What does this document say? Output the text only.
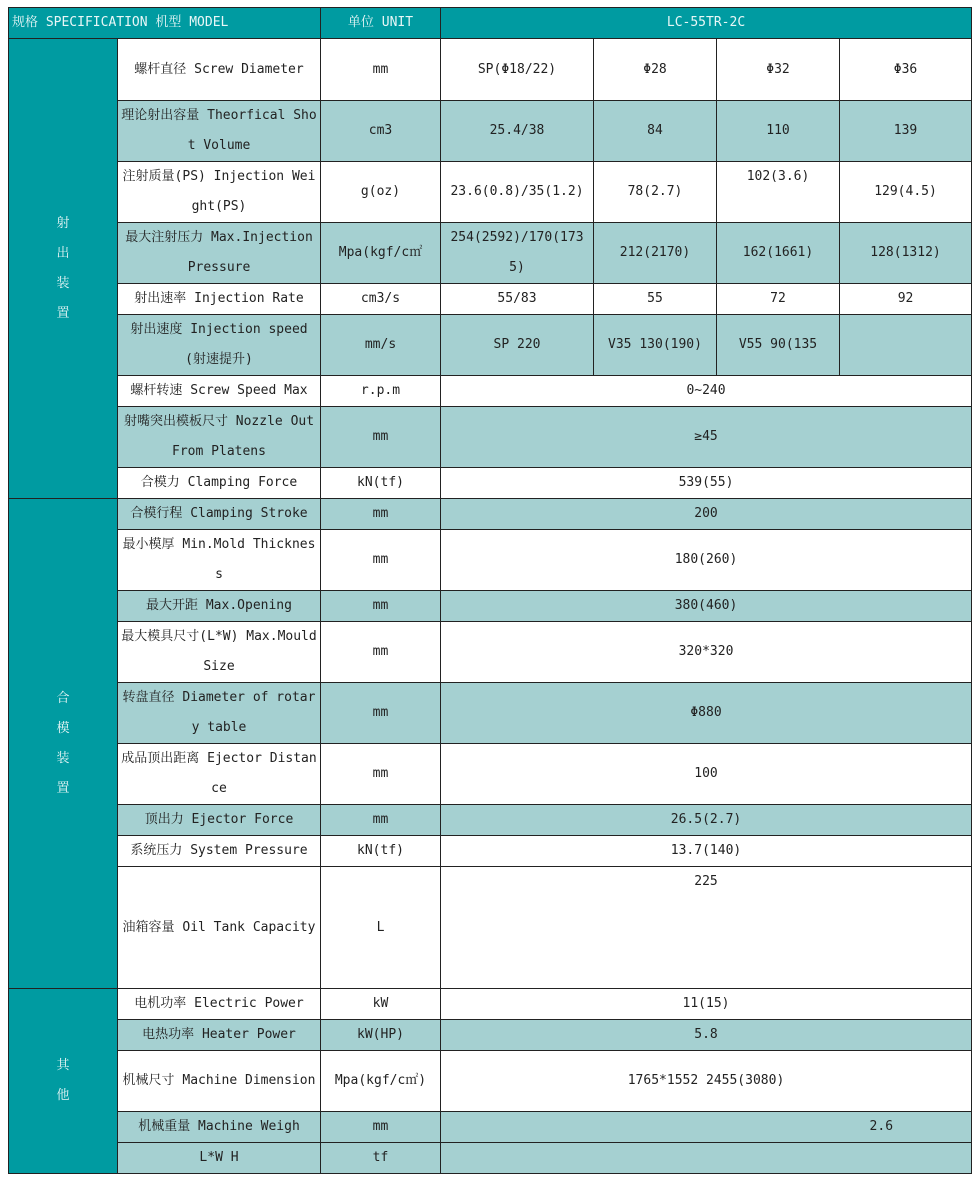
规格 SPECIFICATION 机型 MODEL		单位 UNIT	LC-55TR-2C			

射
出
装
置	螺杆直径 Screw Diameter	mm	SP(Φ18/22)	Φ28	Φ32	Φ36
	理论射出容量 Theorfical Shot Volume	cm3	25.4/38	84	110	139
	注射质量(PS) Injection Weight(PS)	g(oz)	23.6(0.8)/35(1.2)	78(2.7)	102(3.6)	129(4.5)
	最大注射压力 Max.Injection Pressure	Mpa(kgf/c㎡	254(2592)/170(1735)	212(2170)	162(1661)	128(1312)
	射出速率 Injection Rate	cm3/s	55/83	55	72	92
	射出速度 Injection speed(射速提升)	mm/s	SP 220	V35 130(190)	V55 90(135	
	螺杆转速 Screw Speed Max	r.p.m	0~240			
	射嘴突出模板尺寸 Nozzle Out From Platens	mm	≥45			
	合模力 Clamping Force	kN(tf)	539(55)			

合
模
装
置	合模行程 Clamping Stroke	mm	200			
	最小模厚 Min.Mold Thickness	mm	180(260)			
	最大开距 Max.Opening	mm	380(460)			
	最大模具尺寸(L*W) Max.Mould Size	mm	320*320			
	转盘直径 Diameter of rotary table	mm	Φ880			
	成品顶出距离 Ejector Distance	mm	100			
	顶出力 Ejector Force	mm	26.5(2.7)			
	系统压力 System Pressure	kN(tf)	13.7(140)			
	油箱容量 Oil Tank Capacity	L	225			

其
他	电机功率 Electric Power	kW	11(15)			
	电热功率 Heater Power	kW(HP)	5.8			
	机械尺寸 Machine Dimension	Mpa(kgf/c㎡)	1765*1552 2455(3080)			
	机械重量 Machine Weigh	mm	2.6			
	L*W H	tf				
